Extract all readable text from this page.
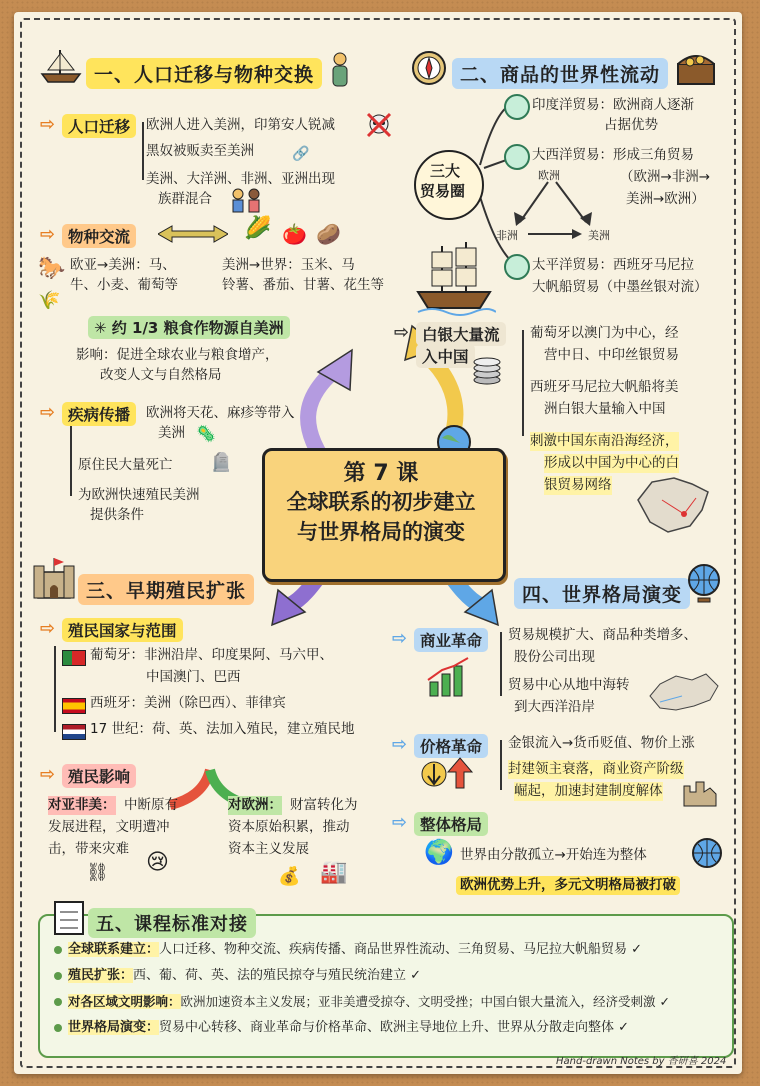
一、人口迁移与物种交换
⇨ 人口迁移	欧洲人进入美洲，印第安人锐减
黑奴被贩卖至美洲	🔗
美洲、大洋洲、非洲、亚洲出现
族群混合
⇨ 物种交流	🌽 🍅 🥔
🐎 欧亚→美洲：马、
牛、小麦、葡萄等
🌾
美洲→世界：玉米、马
铃薯、番茄、甘薯、花生等
✳ 约 1/3 粮食作物源自美洲
影响：促进全球农业与粮食增产，
改变人文与自然格局
⇨ 疾病传播	欧洲将天花、麻疹等带入
美洲 🦠
原住民大量死亡 🪦
为欧洲快速殖民美洲
提供条件
二、商品的世界性流动
三大
贸易圈
印度洋贸易：欧洲商人逐渐
占据优势
大西洋贸易：形成三角贸易
（欧洲→非洲→
美洲→欧洲）
欧洲
非洲	美洲
太平洋贸易：西班牙马尼拉
大帆船贸易（中墨丝银对流）
⇨ 白银大量流
入中国
葡萄牙以澳门为中心，经
营中日、中印丝银贸易
西班牙马尼拉大帆船将美
洲白银大量输入中国
刺激中国东南沿海经济，
形成以中国为中心的白
银贸易网络
第 7 课
全球联系的初步建立
与世界格局的演变
三、早期殖民扩张
⇨ 殖民国家与范围
葡萄牙：非洲沿岸、印度果阿、马六甲、
中国澳门、巴西
西班牙：美洲（除巴西）、菲律宾
17 世纪：荷、英、法加入殖民，建立殖民地
⇨ 殖民影响
对亚非美： 中断原有
发展进程，文明遭冲
击，带来灾难
⛓ 😢
对欧洲： 财富转化为
资本原始积累，推动
资本主义发展
💰 🏭
四、世界格局演变
⇨ 商业革命	贸易规模扩大、商品种类增多、
股份公司出现
贸易中心从地中海转
到大西洋沿岸
⇨ 价格革命	金银流入→货币贬值、物价上涨
封建领主衰落，商业资产阶级
崛起，加速封建制度解体
⇨ 整体格局
🌍 世界由分散孤立→开始连为整体
欧洲优势上升，多元文明格局被打破
五、课程标准对接
全球联系建立：人口迁移、物种交流、疾病传播、商品世界性流动、三角贸易、马尼拉大帆船贸易 ✓
殖民扩张：西、葡、荷、英、法的殖民掠夺与殖民统治建立 ✓
对各区域文明影响：欧洲加速资本主义发展；亚非美遭受掠夺、文明受挫；中国白银大量流入，经济受刺激 ✓
世界格局演变：贸易中心转移、商业革命与价格革命、欧洲主导地位上升、世界从分散走向整体 ✓
Hand-drawn Notes by 香研喜 2024
